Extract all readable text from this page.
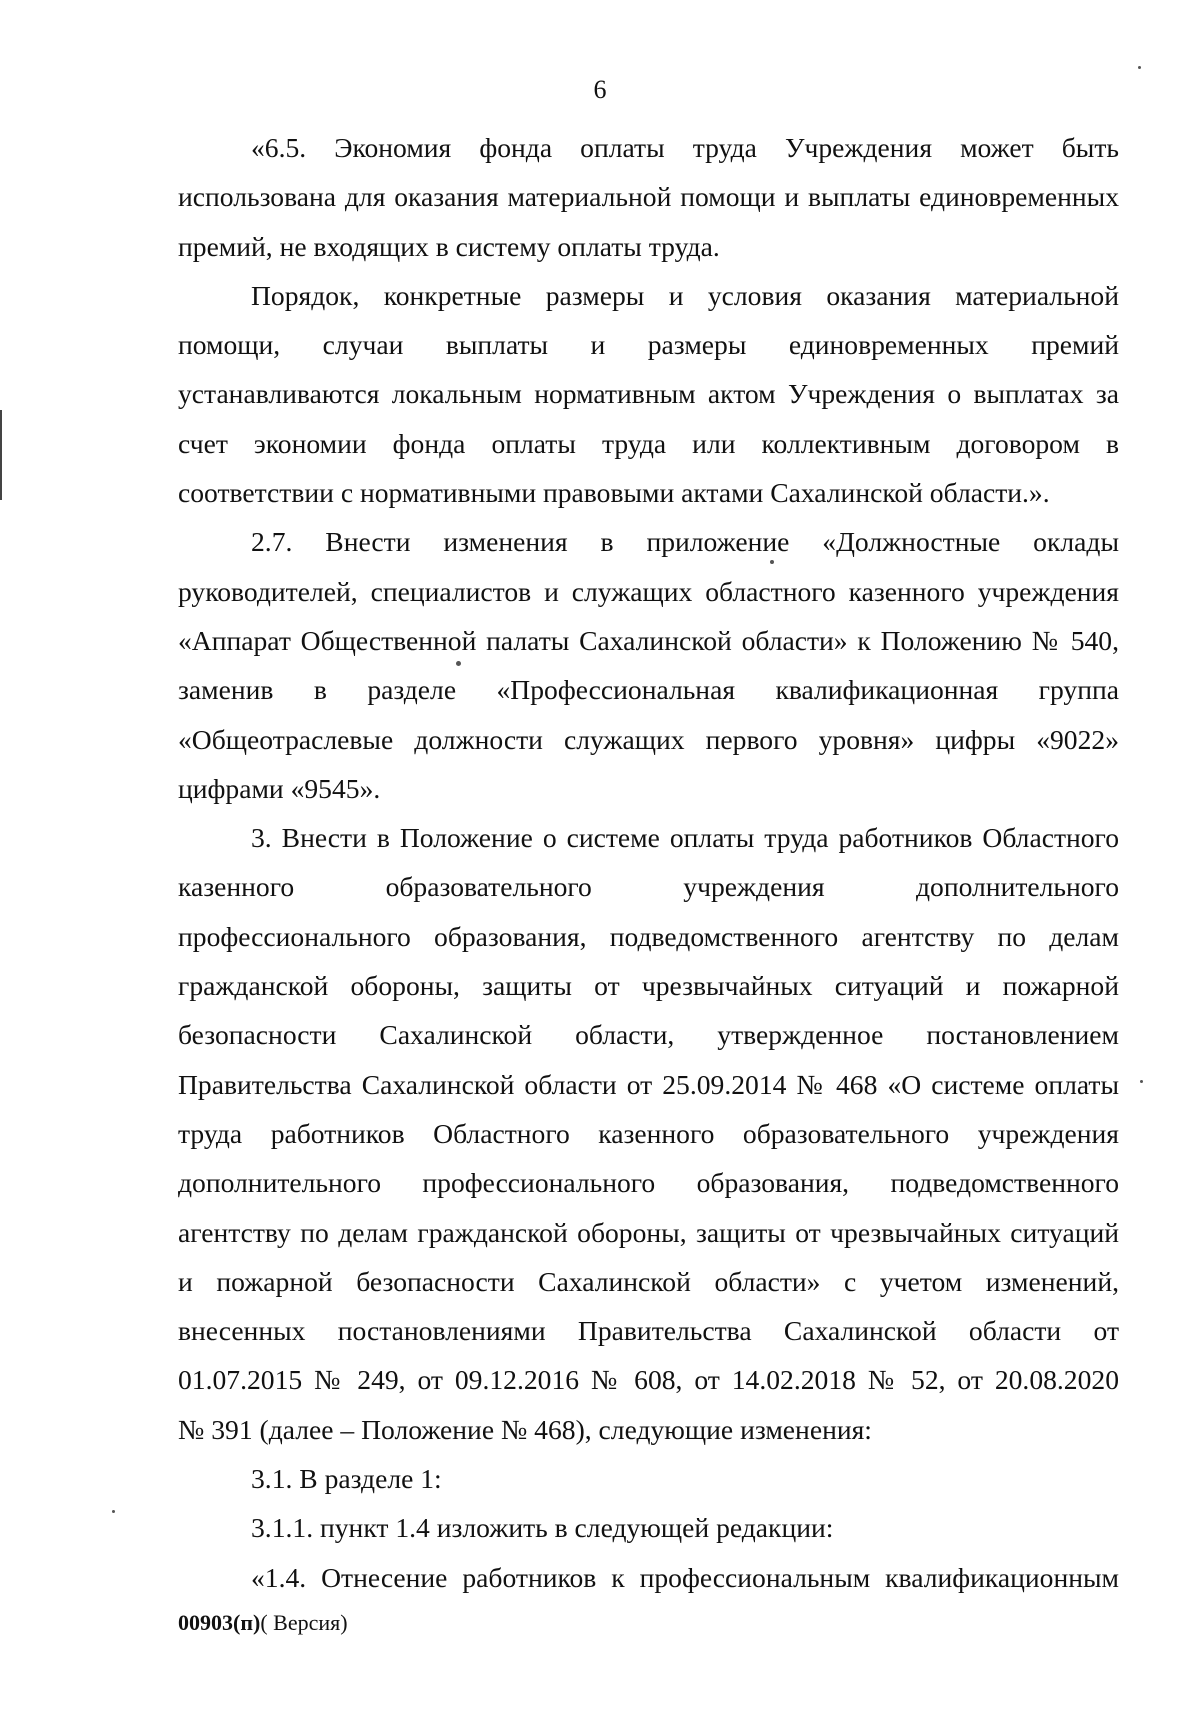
6

«6.5. Экономия фонда оплаты труда Учреждения может быть

использована для оказания материальной помощи и выплаты единовременных

премий, не входящих в систему оплаты труда.

Порядок, конкретные размеры и условия оказания материальной

помощи, случаи выплаты и размеры единовременных премий

устанавливаются локальным нормативным актом Учреждения о выплатах за

счет экономии фонда оплаты труда или коллективным договором в

соответствии с нормативными правовыми актами Сахалинской области.».

2.7. Внести изменения в приложение «Должностные оклады

руководителей, специалистов и служащих областного казенного учреждения

«Аппарат Общественной палаты Сахалинской области» к Положению № 540,

заменив в разделе «Профессиональная квалификационная группа

«Общеотраслевые должности служащих первого уровня» цифры «9022»

цифрами «9545».

3. Внести в Положение о системе оплаты труда работников Областного

казенного образовательного учреждения дополнительного

профессионального образования, подведомственного агентству по делам

гражданской обороны, защиты от чрезвычайных ситуаций и пожарной

безопасности Сахалинской области, утвержденное постановлением

Правительства Сахалинской области от 25.09.2014 № 468 «О системе оплаты

труда работников Областного казенного образовательного учреждения

дополнительного профессионального образования, подведомственного

агентству по делам гражданской обороны, защиты от чрезвычайных ситуаций

и пожарной безопасности Сахалинской области» с учетом изменений,

внесенных постановлениями Правительства Сахалинской области от

01.07.2015 № 249, от 09.12.2016 № 608, от 14.02.2018 № 52, от 20.08.2020

№ 391 (далее – Положение № 468), следующие изменения:

3.1. В разделе 1:

3.1.1. пункт 1.4 изложить в следующей редакции:

«1.4. Отнесение работников к профессиональным квалификационным

00903(п)( Версия)
